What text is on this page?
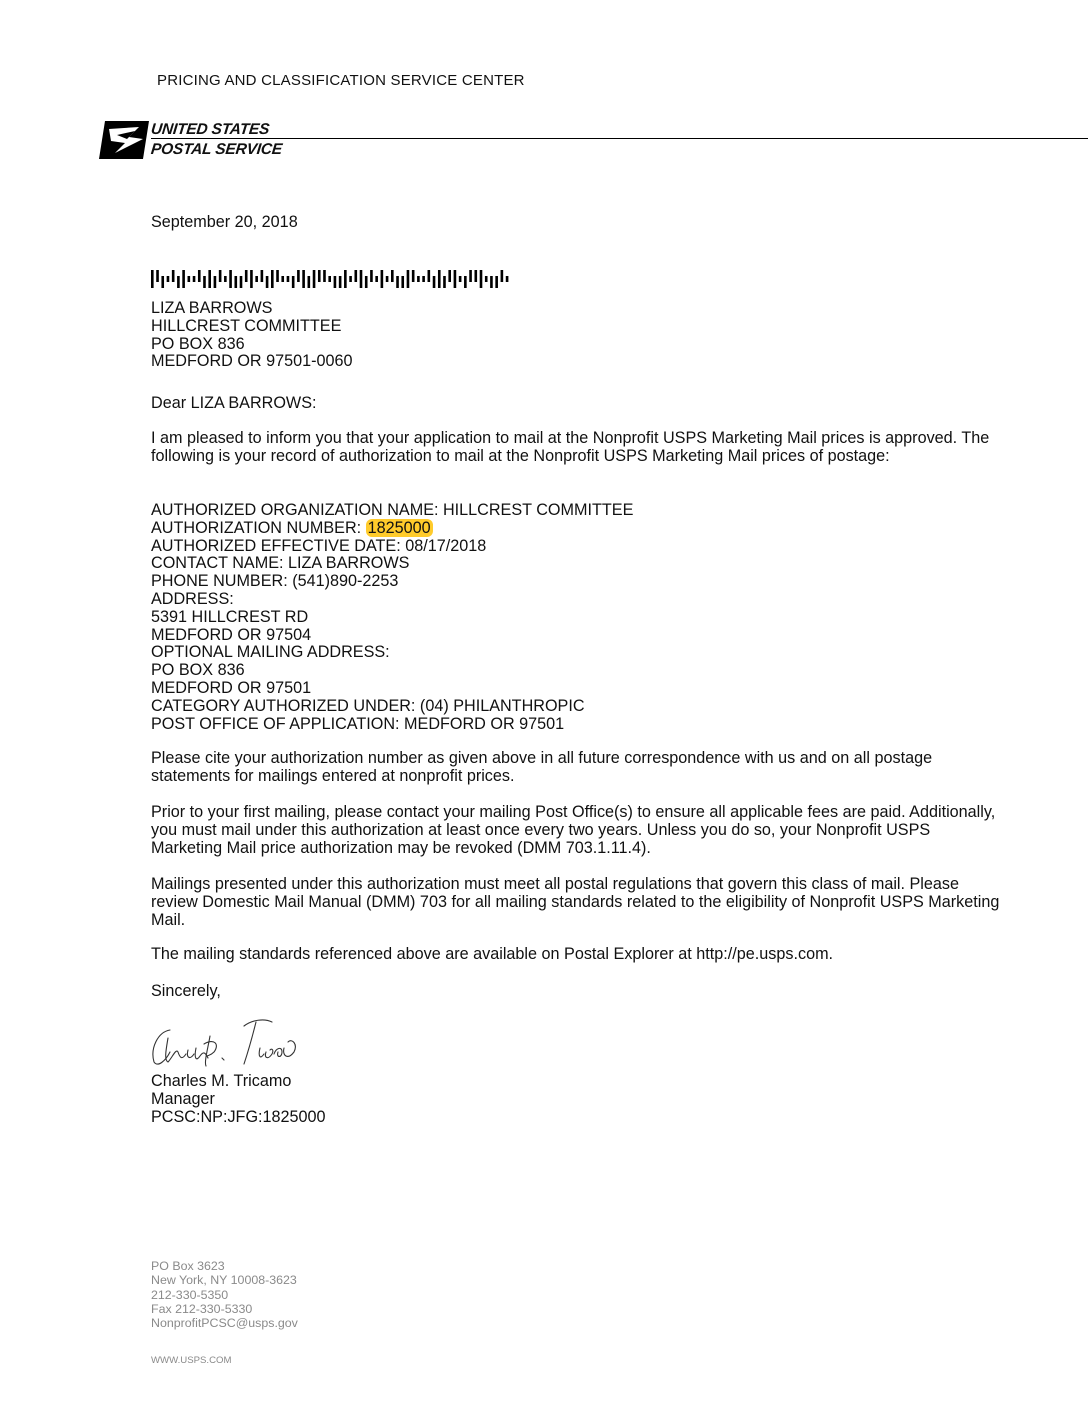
PRICING AND CLASSIFICATION SERVICE CENTER
UNITED STATES
POSTAL SERVICE
September 20, 2018
LIZA BARROWS
HILLCREST COMMITTEE
PO BOX 836
MEDFORD OR 97501-0060
Dear LIZA BARROWS:
I am pleased to inform you that your application to mail at the Nonprofit USPS Marketing Mail prices is approved. The following is your record of authorization to mail at the Nonprofit USPS Marketing Mail prices of postage:
AUTHORIZED ORGANIZATION NAME: HILLCREST COMMITTEE
AUTHORIZATION NUMBER: 1825000
AUTHORIZED EFFECTIVE DATE: 08/17/2018
CONTACT NAME: LIZA BARROWS
PHONE NUMBER: (541)890-2253
ADDRESS:
5391 HILLCREST RD
MEDFORD OR 97504
OPTIONAL MAILING ADDRESS:
PO BOX 836
MEDFORD OR 97501
CATEGORY AUTHORIZED UNDER: (04) PHILANTHROPIC
POST OFFICE OF APPLICATION: MEDFORD OR 97501
Please cite your authorization number as given above in all future correspondence with us and on all postage statements for mailings entered at nonprofit prices.
Prior to your first mailing, please contact your mailing Post Office(s) to ensure all applicable fees are paid. Additionally, you must mail under this authorization at least once every two years. Unless you do so, your Nonprofit USPS Marketing Mail price authorization may be revoked (DMM 703.1.11.4).
Mailings presented under this authorization must meet all postal regulations that govern this class of mail. Please review Domestic Mail Manual (DMM) 703 for all mailing standards related to the eligibility of Nonprofit USPS Marketing Mail.
The mailing standards referenced above are available on Postal Explorer at http://pe.usps.com.
Sincerely,
Charles M. Tricamo
Manager
PCSC:NP:JFG:1825000
PO Box 3623
New York, NY 10008-3623
212-330-5350
Fax 212-330-5330
NonprofitPCSC@usps.gov
WWW.USPS.COM
